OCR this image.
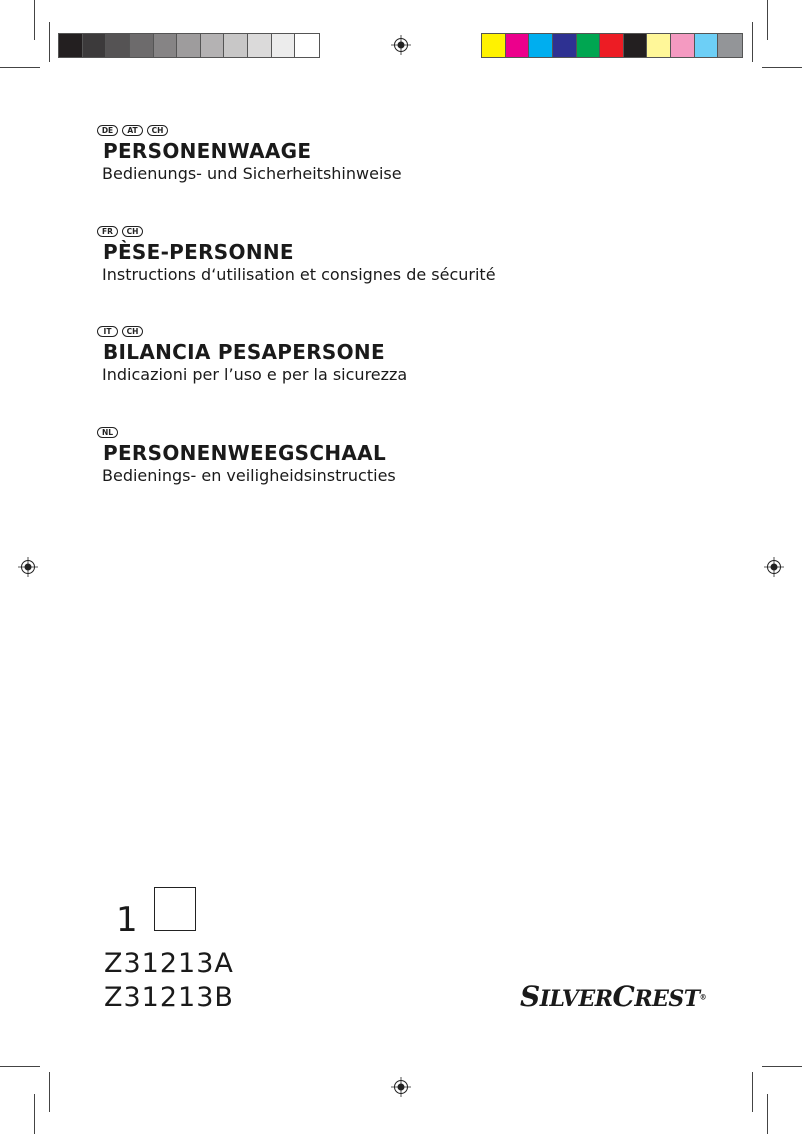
DE	AT	CH
PERSONENWAAGE
Bedienungs- und Sicherheitshinweise
FR	CH
PÈSE-PERSONNE
Instructions d‘utilisation et consignes de sécurité
IT	CH
BILANCIA PESAPERSONE
Indicazioni per l’uso e per la sicurezza
NL
PERSONENWEEGSCHAAL
Bedienings- en veiligheidsinstructies
1
Z31213A
Z31213B	SILVERCREST®
